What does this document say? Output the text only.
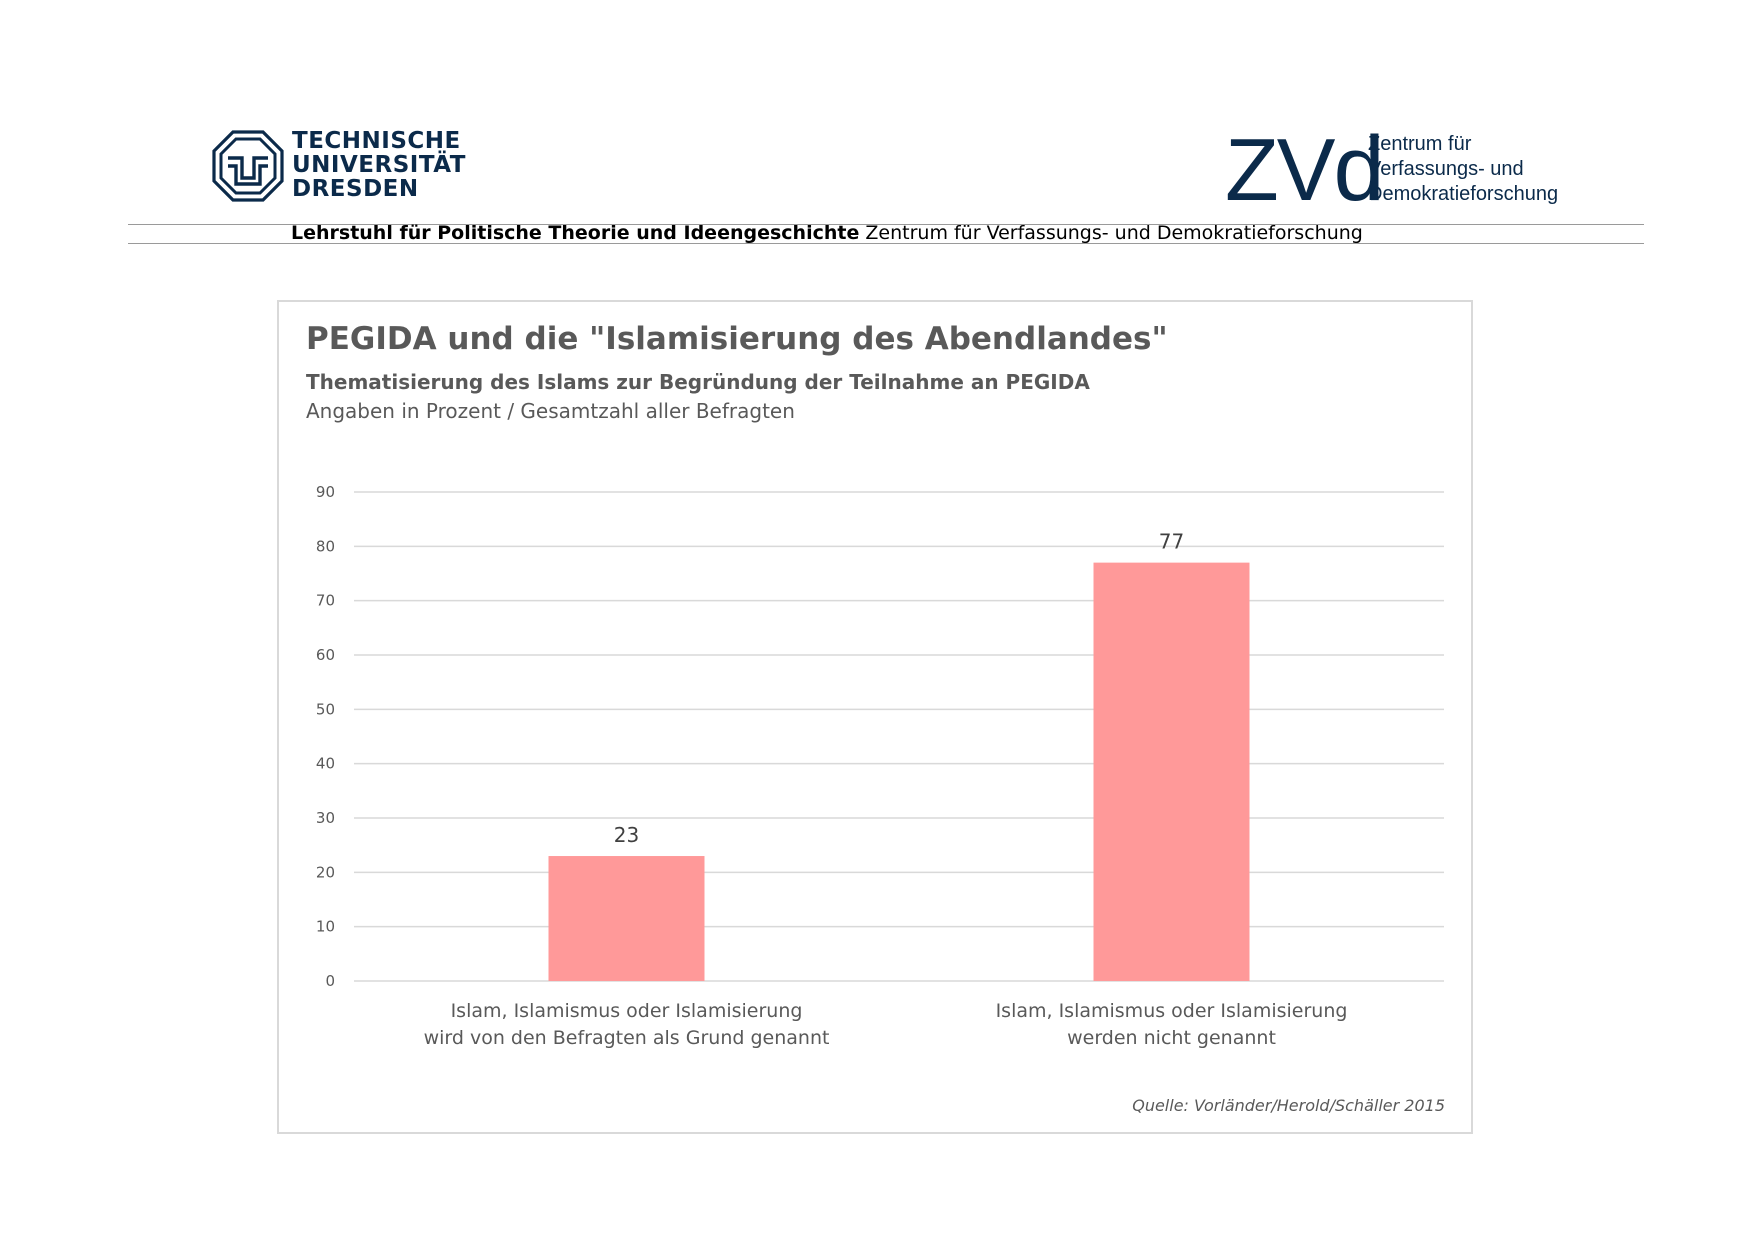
TECHNISCHE
UNIVERSITÄT
DRESDEN	ZVd
Zentrum für
Verfassungs- und
Demokratieforschung
Lehrstuhl für Politische Theorie und Ideengeschichte Zentrum für Verfassungs- und Demokratieforschung
PEGIDA und die "Islamisierung des Abendlandes"
Thematisierung des Islams zur Begründung der Teilnahme an PEGIDA
Angaben in Prozent / Gesamtzahl aller Befragten
0
10
20
30
40
50
60
70
80
90
23
77
Islam, Islamismus oder Islamisierung
wird von den Befragten als Grund genannt
Islam, Islamismus oder Islamisierung
werden nicht genannt
Quelle: Vorländer/Herold/Schäller 2015
